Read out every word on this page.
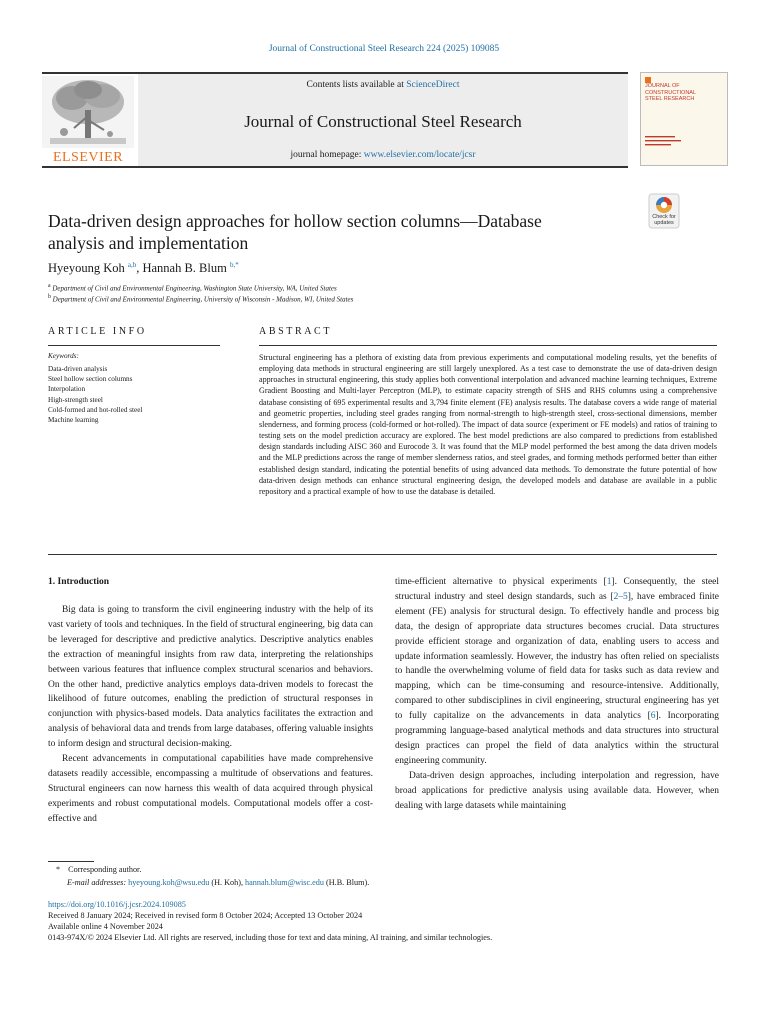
Journal of Constructional Steel Research 224 (2025) 109085
ELSEVIER
Contents lists available at ScienceDirect
Journal of Constructional Steel Research
journal homepage: www.elsevier.com/locate/jcsr
JOURNAL OF
CONSTRUCTIONAL
STEEL RESEARCH
Check for
updates
Data-driven design approaches for hollow section columns—Database
analysis and implementation
Hyeyoung Koh $^{a,b}$, Hannah B. Blum $^{b,*}$
$^a$ Department of Civil and Environmental Engineering, Washington State University, WA, United States
$^b$ Department of Civil and Environmental Engineering, University of Wisconsin - Madison, WI, United States
ARTICLE INFO
Keywords:
Data-driven analysis
Steel hollow section columns
Interpolation
High-strength steel
Cold-formed and hot-rolled steel
Machine learning
ABSTRACT
Structural engineering has a plethora of existing data from previous experiments and computational modeling results, yet the benefits of employing data methods in structural engineering are still largely unexplored. As a test case to demonstrate the use of data-driven design approaches in structural engineering, this study applies both conventional interpolation and advanced machine learning techniques, Extreme Gradient Boosting and Multi-layer Perceptron (MLP), to estimate capacity strength of SHS and RHS columns using a comprehensive database consisting of 695 experimental results and 3,794 finite element (FE) analysis results. The database covers a wide range of material and geometric properties, including steel grades ranging from normal-strength to high-strength steel, cross-sectional dimensions, member slenderness, and forming process (cold-formed or hot-rolled). The impact of data source (experiment or FE models) and ratios of training to testing sets on the model prediction accuracy are explored. The best model predictions are also compared to predictions from established design standards including AISC 360 and Eurocode 3. It was found that the MLP model performed the best among the data driven models and the MLP predictions across the range of member slenderness ratios, and steel grades, and forming methods performed better than either established design standard, indicating the potential benefits of using advanced data methods. To demonstrate the future potential of how data-driven design methods can enhance structural engineering design, the developed models and database are available in a public repository and a practical example of how to use the database is detailed.
1. Introduction

Big data is going to transform the civil engineering industry with the help of its vast variety of tools and techniques. In the field of structural engineering, big data can be leveraged for descriptive and predictive analytics. Descriptive analytics enables the extraction of meaningful insights from raw data, interpreting the relationships between various features that influence complex structural scenarios and behaviors. On the other hand, predictive analytics employs data-driven models to forecast the likelihood of future outcomes, enabling the prediction of structural responses in conjunction with physics-based models. Data analytics facilitates the extraction and analysis of behavioral data and trends from large databases, offering valuable insights to inform design and structural decision-making.

Recent advancements in computational capabilities have made comprehensive datasets readily accessible, encompassing a multitude of observations and features. Structural engineers can now harness this wealth of data acquired through physical experiments and robust computational models. Computational models offer a cost-effective and

time-efficient alternative to physical experiments [1]. Consequently, the steel structural industry and steel design standards, such as [2–5], have embraced finite element (FE) analysis for structural design. To effectively handle and process big data, the design of appropriate data structures becomes crucial. Data structures provide efficient storage and organization of data, enabling users to access and update information seamlessly. However, the industry has often relied on specialists to handle the overwhelming volume of field data for tasks such as data review and mapping, which can be time-consuming and resource-intensive. Additionally, compared to other subdisciplines in civil engineering, structural engineering has yet to fully capitalize on the advancements in data analytics [6]. Incorporating programming language-based analytical methods and data structures into structural design practices can propel the field of data analytics within the structural engineering community.

Data-driven design approaches, including interpolation and regression, have broad applications for predictive analysis using available data. However, when dealing with large datasets while maintaining

* Corresponding author.
E-mail addresses: hyeyoung.koh@wsu.edu (H. Koh), hannah.blum@wisc.edu (H.B. Blum).
https://doi.org/10.1016/j.jcsr.2024.109085
Received 8 January 2024; Received in revised form 8 October 2024; Accepted 13 October 2024
Available online 4 November 2024
0143-974X/© 2024 Elsevier Ltd. All rights are reserved, including those for text and data mining, AI training, and similar technologies.
